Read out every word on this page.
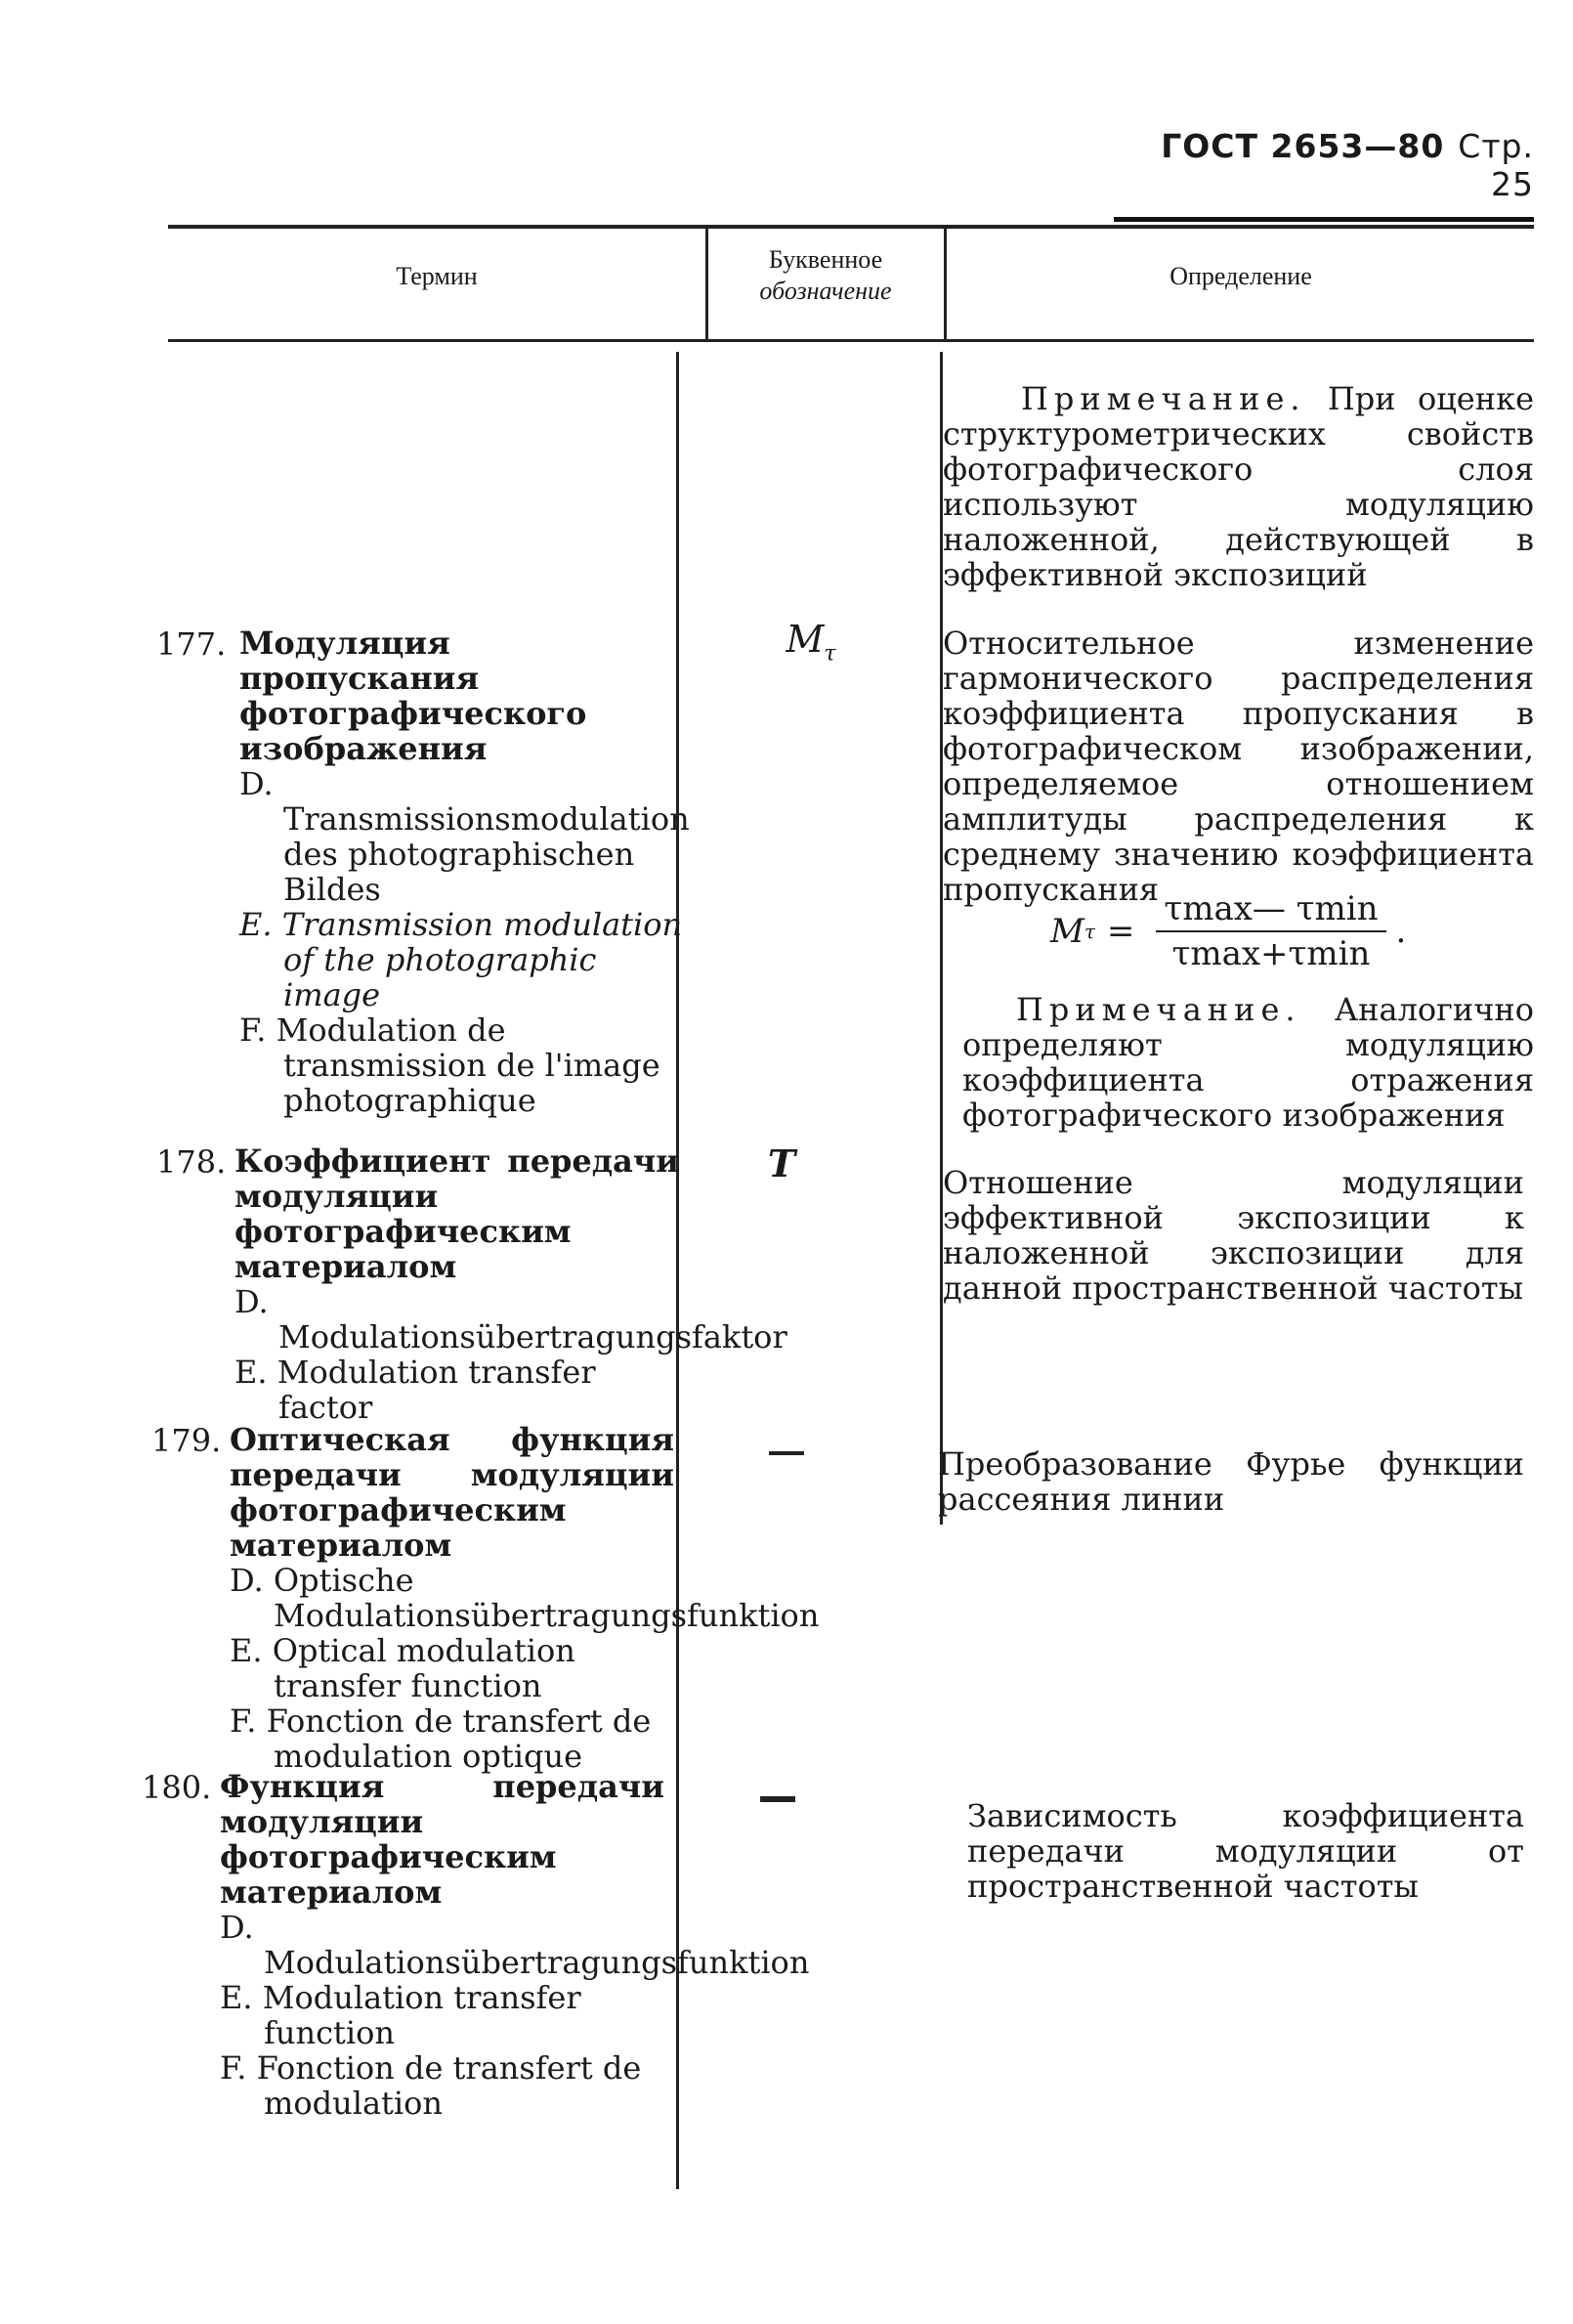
ГОСТ 2653—80 Стр. 25
Термин
Буквенное
обозначение
Определение
Примечание. При оценке структурометрических свойств фотографического слоя используют модуляцию наложенной, действующей в эффективной экспозиций
177. Модуляция пропускания фотографического изображения
D. Transmissionsmodulation des photographischen Bildes
E. Transmission modulation of the photographic image
F. Modulation de transmission de l'image photographique
$M_\tau$	Относительное изменение гармонического распределения коэффициента пропускания в фотографическом изображении, определяемое отношением амплитуды распределения к среднему значению коэффициента пропускания
M $\tau = \frac{\tau\max— \tau\min}{\tau\max+\tau\min}$ .
Примечание. Аналогично определяют модуляцию коэффициента отражения фотографического изображения
178. Коэффициент передачи модуляции фотографическим материалом
D. Modulationsübertragungsfaktor
E. Modulation transfer factor
T	Отношение модуляции эффективной экспозиции к наложенной экспозиции для данной пространственной частоты
179. Оптическая функция передачи модуляции фотографическим материалом
D. Optische Modulationsübertragungsfunktion
E. Optical modulation transfer function
F. Fonction de transfert de modulation optique
Преобразование Фурье функции рассеяния линии
180. Функция передачи модуляции фотографическим материалом
D. Modulationsübertragungsfunktion
E. Modulation transfer function
F. Fonction de transfert de modulation
Зависимость коэффициента передачи модуляции от пространственной частоты
